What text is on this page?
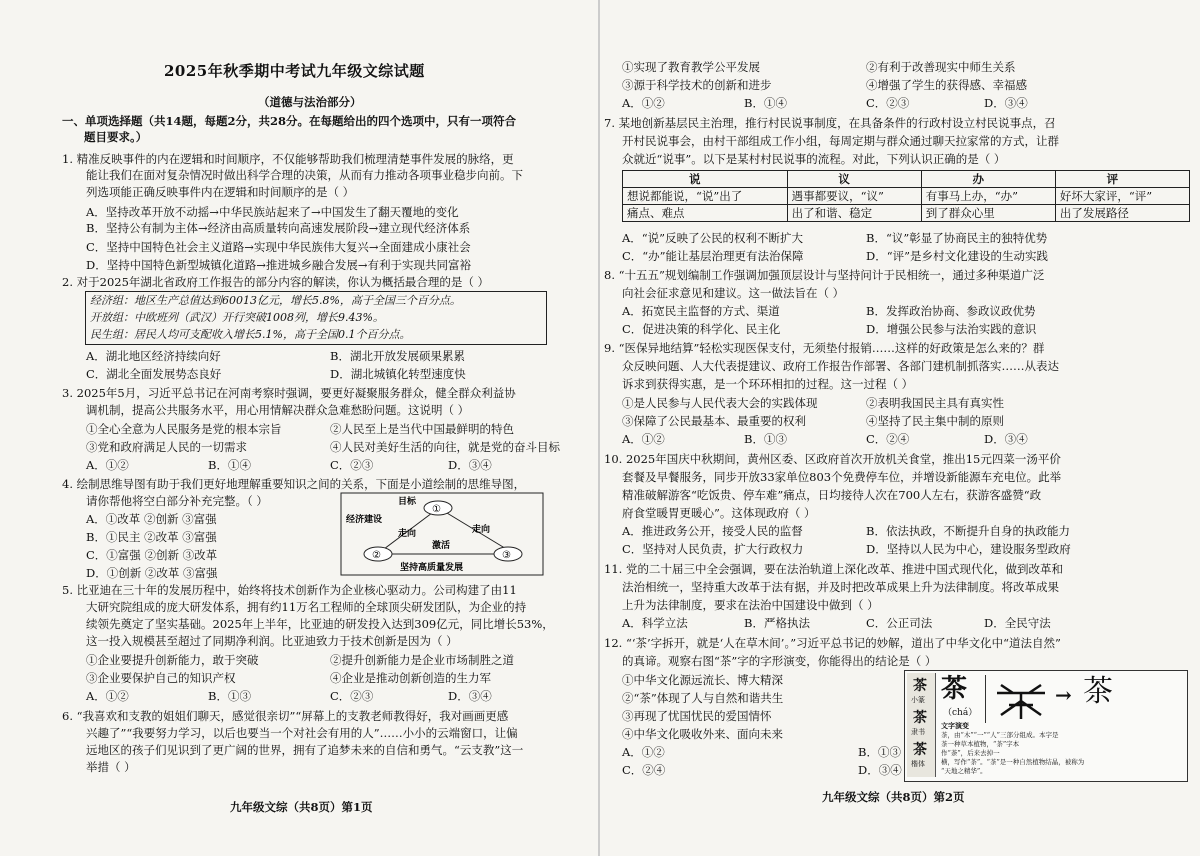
2025年秋季期中考试九年级文综试题
（道德与法治部分）
一、单项选择题（共14题，每题2分，共28分。在每题给出的四个选项中，只有一项符合
题目要求。）
1. 精准反映事件的内在逻辑和时间顺序，不仅能够帮助我们梳理清楚事件发展的脉络，更
能让我们在面对复杂情况时做出科学合理的决策，从而有力推动各项事业稳步向前。下
列选项能正确反映事件内在逻辑和时间顺序的是（ ）
A．坚持改革开放不动摇→中华民族站起来了→中国发生了翻天覆地的变化
B．坚持公有制为主体→经济由高质量转向高速发展阶段→建立现代经济体系
C．坚持中国特色社会主义道路→实现中华民族伟大复兴→全面建成小康社会
D．坚持中国特色新型城镇化道路→推进城乡融合发展→有利于实现共同富裕
2. 对于2025年湖北省政府工作报告的部分内容的解读，你认为概括最合理的是（ ）
经济组：地区生产总值达到60013亿元，增长5.8%，高于全国三个百分点。
开放组：中欧班列（武汉）开行突破1008列，增长9.43%。
民生组：居民人均可支配收入增长5.1%，高于全国0.1个百分点。
A．湖北地区经济持续向好	B．湖北开放发展硕果累累
C．湖北全面发展势态良好	D．湖北城镇化转型速度快
3. 2025年5月，习近平总书记在河南考察时强调，要更好凝聚服务群众，健全群众利益协
调机制，提高公共服务水平，用心用情解决群众急难愁盼问题。这说明（ ）
①全心全意为人民服务是党的根本宗旨	②人民至上是当代中国最鲜明的特色
③党和政府满足人民的一切需求	④人民对美好生活的向往，就是党的奋斗目标
A．①②	B．①④	C．②③	D．③④
4. 绘制思维导图有助于我们更好地理解重要知识之间的关系，下面是小道绘制的思维导图，
请你帮他将空白部分补充完整。（ ）
A．①改革 ②创新 ③富强
B．①民主 ②改革 ③富强
C．①富强 ②创新 ③改革
D．①创新 ②改革 ③富强
①
②	③
目标
经济建设
走向	走向
激活
坚持高质量发展
5. 比亚迪在三十年的发展历程中，始终将技术创新作为企业核心驱动力。公司构建了由11
大研究院组成的庞大研发体系，拥有约11万名工程师的全球顶尖研发团队，为企业的持
续领先奠定了坚实基础。2025年上半年，比亚迪的研发投入达到309亿元，同比增长53%，
这一投入规模甚至超过了同期净利润。比亚迪致力于技术创新是因为（ ）
①企业要提升创新能力，敢于突破	②提升创新能力是企业市场制胜之道
③企业要保护自己的知识产权	④企业是推动创新创造的生力军
A．①②	B．①③	C．②③	D．③④
6. “我喜欢和支教的姐姐们聊天，感觉很亲切”“屏幕上的支教老师教得好，我对画画更感
兴趣了”“我要努力学习，以后也要当一个对社会有用的人”……小小的云端窗口，让偏
远地区的孩子们见识到了更广阔的世界，拥有了追梦未来的自信和勇气。“云支教”这一
举措（ ）
九年级文综（共8页）第1页
①实现了教育教学公平发展	②有利于改善现实中师生关系
③源于科学技术的创新和进步	④增强了学生的获得感、幸福感
A．①②	B．①④	C．②③	D．③④
7. 某地创新基层民主治理，推行村民说事制度，在具备条件的行政村设立村民说事点，召
开村民说事会，由村干部组成工作小组，每周定期与群众通过聊天拉家常的方式，让群
众就近“说事”。以下是某村村民说事的流程。对此，下列认识正确的是（ ）
说	议	办	评
想说都能说，“说”出了	遇事都要议，“议”	有事马上办，“办”	好坏大家评，“评”
痛点、难点	出了和谐、稳定	到了群众心里	出了发展路径
A．“说”反映了公民的权利不断扩大	B．“议”彰显了协商民主的独特优势
C．“办”能让基层治理更有法治保障	D．“评”是乡村文化建设的生动实践
8. “十五五”规划编制工作强调加强顶层设计与坚持问计于民相统一，通过多种渠道广泛
向社会征求意见和建议。这一做法旨在（ ）
A．拓宽民主监督的方式、渠道	B．发挥政治协商、参政议政优势
C．促进决策的科学化、民主化	D．增强公民参与法治实践的意识
9. “医保异地结算”轻松实现医保支付，无须垫付报销……这样的好政策是怎么来的？群
众反映问题、人大代表提建议、政府工作报告作部署、各部门建机制抓落实……从表达
诉求到获得实惠，是一个环环相扣的过程。这一过程（ ）
①是人民参与人民代表大会的实践体现	②表明我国民主具有真实性
③保障了公民最基本、最重要的权利	④坚持了民主集中制的原则
A．①②	B．①③	C．②④	D．③④
10. 2025年国庆中秋期间，黄州区委、区政府首次开放机关食堂，推出15元四菜一汤平价
套餐及早餐服务，同步开放33家单位803个免费停车位，并增设新能源车充电位。此举
精准破解游客“吃饭贵、停车难”痛点，日均接待人次在700人左右，获游客盛赞“政
府食堂暖胃更暖心”。这体现政府（ ）
A．推进政务公开，接受人民的监督	B．依法执政，不断提升自身的执政能力
C．坚持对人民负责，扩大行政权力	D．坚持以人民为中心，建设服务型政府
11. 党的二十届三中全会强调，要在法治轨道上深化改革、推进中国式现代化，做到改革和
法治相统一，坚持重大改革于法有据，并及时把改革成果上升为法律制度。将改革成果
上升为法律制度，要求在法治中国建设中做到（ ）
A．科学立法	B．严格执法	C．公正司法	D．全民守法
12. “‘茶’字拆开，就是‘人在草木间’。”习近平总书记的妙解，道出了中华文化中“道法自然”
的真谛。观察右图“茶”字的字形演变，你能得出的结论是（ ）
①中华文化源远流长、博大精深
②“茶”体现了人与自然和谐共生
③再现了忧国忧民的爱国情怀
④中华文化吸收外来、面向未来
A．①②	B．①③
C．②④	D．③④
茶
小篆
茶
隶书
茶
楷体
茶
（chá）
→ 茶
文字演变
茶，由“木”“一”“人”三部分组成。本字是
茶一种草本植物，“茶”字本
作“荼”，后来去掉一
横，写作“茶”。“茶”是一种自然植物结晶，被称为
“天地之精华”。
九年级文综（共8页）第2页
